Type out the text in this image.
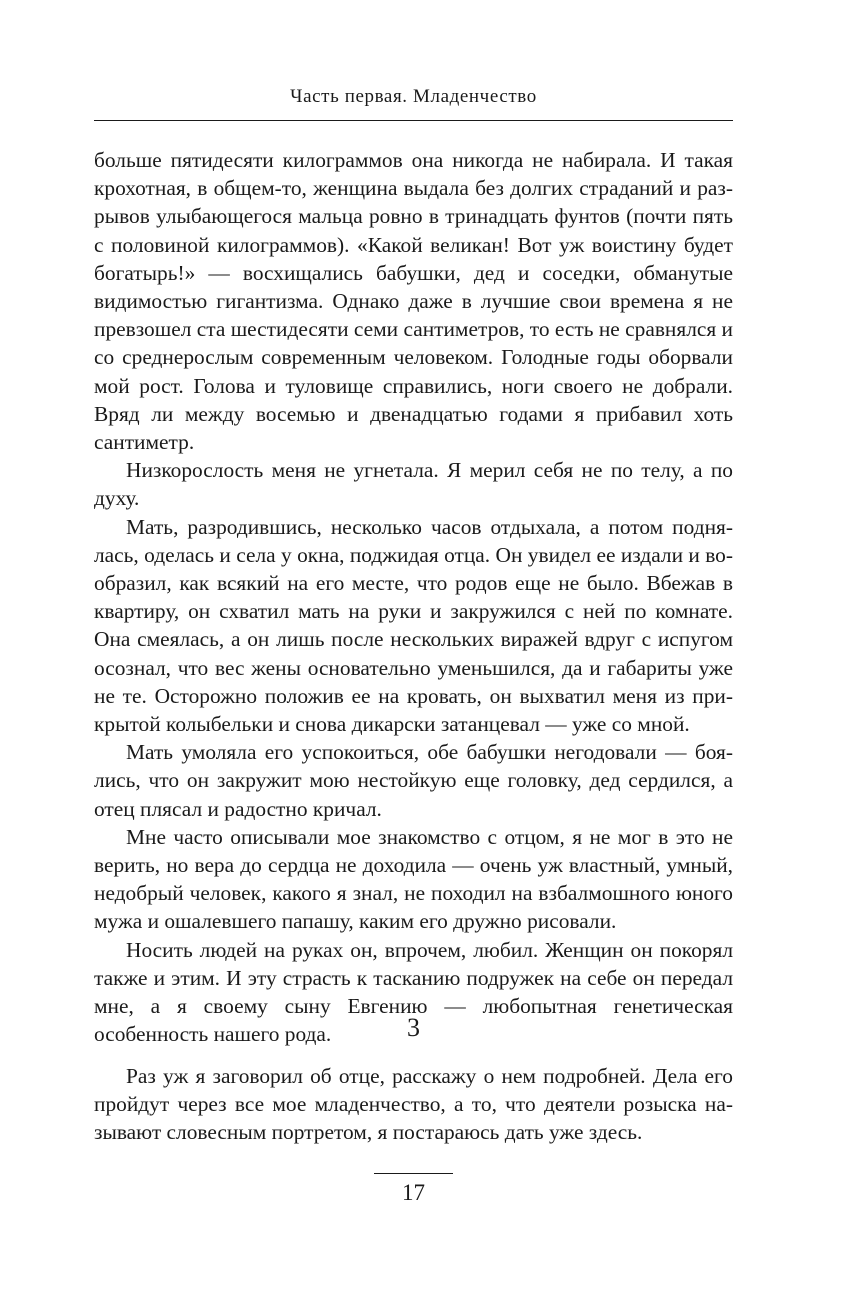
Часть первая. Младенчество

больше пятидесяти килограммов она никогда не набирала. И такая крохотная, в общем-то, женщина выдала без долгих страданий и разрывов улыбающегося мальца ровно в тринадцать фунтов (почти пять с половиной килограммов). «Какой великан! Вот уж воистину будет богатырь!» — восхищались бабушки, дед и соседки, обманутые видимостью гигантизма. Однако даже в лучшие свои времена я не превзошел ста шестидесяти семи сантиметров, то есть не сравнялся и со среднерослым современным человеком. Голодные годы оборвали мой рост. Голова и туловище справились, ноги своего не добрали. Вряд ли между восемью и двенадцатью годами я прибавил хоть сантиметр.

Низкорослость меня не угнетала. Я мерил себя не по телу, а по духу.

Мать, разродившись, несколько часов отдыхала, а потом поднялась, оделась и села у окна, поджидая отца. Он увидел ее издали и вообразил, как всякий на его месте, что родов еще не было. Вбежав в квартиру, он схватил мать на руки и закружился с ней по комнате. Она смеялась, а он лишь после нескольких виражей вдруг с испугом осознал, что вес жены основательно уменьшился, да и габариты уже не те. Осторожно положив ее на кровать, он выхватил меня из прикрытой колыбельки и снова дикарски затанцевал — уже со мной.

Мать умоляла его успокоиться, обе бабушки негодовали — боялись, что он закружит мою нестойкую еще головку, дед сердился, а отец плясал и радостно кричал.

Мне часто описывали мое знакомство с отцом, я не мог в это не верить, но вера до сердца не доходила — очень уж властный, умный, недобрый человек, какого я знал, не походил на взбалмошного юного мужа и ошалевшего папашу, каким его дружно рисовали.

Носить людей на руках он, впрочем, любил. Женщин он покорял также и этим. И эту страсть к тасканию подружек на себе он передал мне, а я своему сыну Евгению — любопытная генетическая особенность нашего рода.	3

Раз уж я заговорил об отце, расскажу о нем подробней. Дела его пройдут через все мое младенчество, а то, что деятели розыска называют словесным портретом, я постараюсь дать уже здесь.

17
